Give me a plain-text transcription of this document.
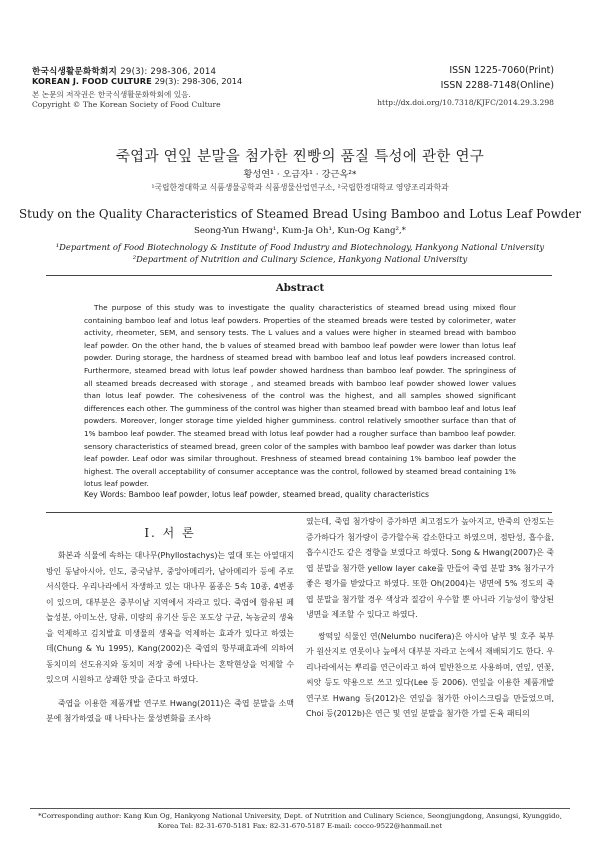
한국식생활문화학회지 29(3): 298-306, 2014
KOREAN J. FOOD CULTURE 29(3): 298-306, 2014
본 논문의 저작권은 한국식생활문화학회에 있음.
Copyright © The Korean Society of Food Culture
ISSN 1225-7060(Print)
ISSN 2288-7148(Online)
http://dx.doi.org/10.7318/KJFC/2014.29.3.298
죽엽과 연잎 분말을 첨가한 찐빵의 품질 특성에 관한 연구
황성연¹ · 오금자¹ · 강근옥²*
¹국립한경대학교 식품생물공학과 식품생물산업연구소, ²국립한경대학교 영양조리과학과
Study on the Quality Characteristics of Steamed Bread Using Bamboo and Lotus Leaf Powder
Seong-Yun Hwang¹, Kum-Ja Oh¹, Kun-Og Kang²,*
¹Department of Food Biotechnology & Institute of Food Industry and Biotechnology, Hankyong National University
²Department of Nutrition and Culinary Science, Hankyong National University
Abstract
The purpose of this study was to investigate the quality characteristics of steamed bread using mixed flour containing bamboo leaf and lotus leaf powders. Properties of the steamed breads were tested by colorimeter, water activity, rheometer, SEM, and sensory tests. The L values and a values were higher in steamed bread with bamboo leaf powder. On the other hand, the b values of steamed bread with bamboo leaf powder were lower than lotus leaf powder. During storage, the hardness of steamed bread with bamboo leaf and lotus leaf powders increased control. Furthermore, steamed bread with lotus leaf powder showed hardness than bamboo leaf powder. The springiness of all steamed breads decreased with storage , and steamed breads with bamboo leaf powder showed lower values than lotus leaf powder. The cohesiveness of the control was the highest, and all samples showed significant differences each other. The gumminess of the control was higher than steamed bread with bamboo leaf and lotus leaf powders. Moreover, longer storage time yielded higher gumminess. control relatively smoother surface than that of 1% bamboo leaf powder. The steamed bread with lotus leaf powder had a rougher surface than bamboo leaf powder. sensory characteristics of steamed bread, green color of the samples with bamboo leaf powder was darker than lotus leaf powder. Leaf odor was similar throughout. Freshness of steamed bread containing 1% bamboo leaf powder the highest. The overall acceptability of consumer acceptance was the control, followed by steamed bread containing 1% lotus leaf powder.
Key Words: Bamboo leaf powder, lotus leaf powder, steamed bread, quality characteristics
I. 서 론

화본과 식물에 속하는 대나무(Phyllostachys)는 열대 또는 아열대지방인 동남아시아, 인도, 중국남부, 중앙아메리카, 남아메리카 등에 주로 서식한다. 우리나라에서 자생하고 있는 대나무 품종은 5속 10종, 4변종이 있으며, 대부분은 중부이남 지역에서 자라고 있다. 죽엽에 함유된 페놀성분, 아미노산, 당류, 미량의 유기산 등은 포도상 구균, 녹농균의 생육을 억제하고 김치발효 미생물의 생육을 억제하는 효과가 있다고 하였는데(Chung & Yu 1995), Kang(2002)은 죽엽의 항부패효과에 의하여 동치미의 선도유지와 동치미 저장 중에 나타나는 혼탁현상을 억제할 수 있으며 시원하고 상쾌한 맛을 준다고 하였다.

죽엽을 이용한 제품개발 연구로 Hwang(2011)은 죽엽 분말을 소맥분에 첨가하였을 때 나타나는 물성변화를 조사하

였는데, 죽엽 첨가량이 증가하면 최고점도가 높아지고, 반죽의 안정도는 증가하다가 첨가량이 증가할수록 감소한다고 하였으며, 점탄성, 흡수율, 흡수시간도 같은 경향을 보였다고 하였다. Song & Hwang(2007)은 죽엽 분말을 첨가한 yellow layer cake를 만들어 죽엽 분말 3% 첨가구가 좋은 평가를 받았다고 하였다. 또한 Oh(2004)는 냉면에 5% 정도의 죽엽 분말을 첨가할 경우 색상과 질감이 우수할 뿐 아니라 기능성이 향상된 냉면을 제조할 수 있다고 하였다.

쌍떡잎 식물인 연(Nelumbo nucifera)은 아시아 남부 및 호주 북부가 원산지로 연못이나 늪에서 대부분 자라고 논에서 재배되기도 한다. 우리나라에서는 뿌리를 연근이라고 하여 밑반찬으로 사용하며, 연잎, 연꽃, 씨앗 등도 약용으로 쓰고 있다(Lee 등 2006). 연잎을 이용한 제품개발 연구로 Hwang 등(2012)은 연잎을 첨가한 아이스크림을 만들었으며, Choi 등(2012b)은 연근 및 연잎 분말을 첨가한 가열 돈육 패티의

*Corresponding author: Kang Kun Og, Hankyong National University, Dept. of Nutrition and Culinary Science, Seongjungdong, Ansungsi, Kyunggido, Korea Tel: 82-31-670-5181 Fax: 82-31-670-5187 E-mail: cocco-9522@hanmail.net
